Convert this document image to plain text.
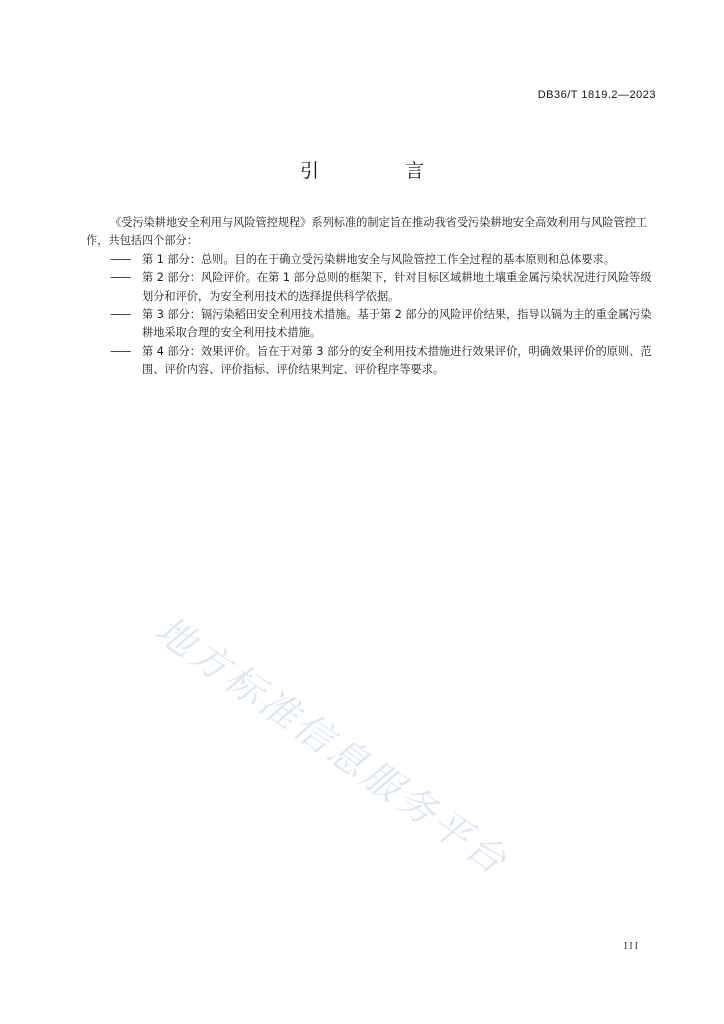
DB36/T 1819.2—2023
引 言

《受污染耕地安全利用与风险管控规程》系列标准的制定旨在推动我省受污染耕地安全高效利用与风险管控工作，共包括四个部分：

——	第 1 部分：总则。目的在于确立受污染耕地安全与风险管控工作全过程的基本原则和总体要求。

——	第 2 部分：风险评价。在第 1 部分总则的框架下，针对目标区域耕地土壤重金属污染状况进行风险等级划分和评价，为安全利用技术的选择提供科学依据。

——	第 3 部分：镉污染稻田安全利用技术措施。基于第 2 部分的风险评价结果，指导以镉为主的重金属污染耕地采取合理的安全利用技术措施。

——	第 4 部分：效果评价。旨在于对第 3 部分的安全利用技术措施进行效果评价，明确效果评价的原则、范围、评价内容、评价指标、评价结果判定、评价程序等要求。

地方标准信息服务平台
III
